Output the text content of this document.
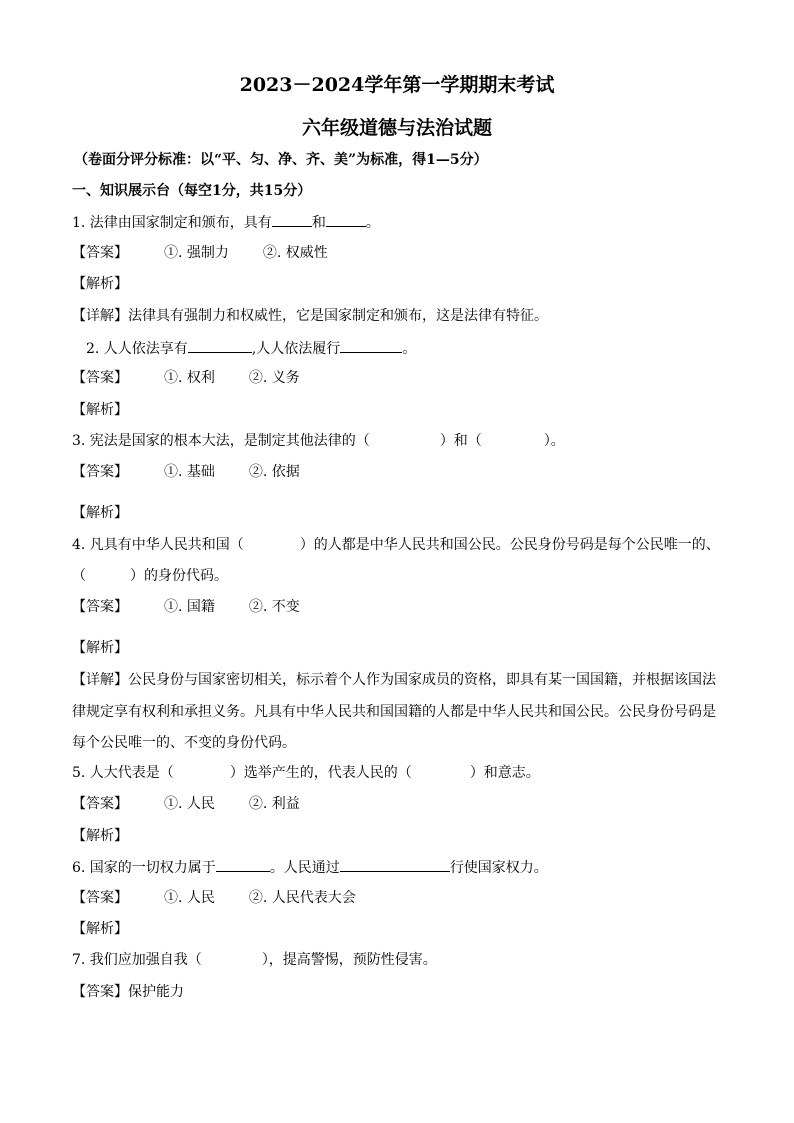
2023－2024学年第一学期期末考试
六年级道德与法治试题
（卷面分评分标准：以“平、匀、净、齐、美”为标准，得1—5分）
一、知识展示台（每空1分，共15分）
1. 法律由国家制定和颁布，具有	和	。
【答案】	①. 强制力 ②. 权威性
【解析】
【详解】法律具有强制力和权威性，它是国家制定和颁布，这是法律有特征。
2. 人人依法享有	,人人依法履行	。
【答案】	①. 权利 ②. 义务
【解析】
3. 宪法是国家的根本大法，是制定其他法律的（	）和（	）。
【答案】	①. 基础 ②. 依据
【解析】
4. 凡具有中华人民共和国（	）的人都是中华人民共和国公民。公民身份号码是每个公民唯一的、
（	）的身份代码。
【答案】	①. 国籍 ②. 不变
【解析】
【详解】公民身份与国家密切相关，标示着个人作为国家成员的资格，即具有某一国国籍，并根据该国法
律规定享有权利和承担义务。凡具有中华人民共和国国籍的人都是中华人民共和国公民。公民身份号码是
每个公民唯一的、不变的身份代码。
5. 人大代表是（	）选举产生的，代表人民的（	）和意志。
【答案】	①. 人民 ②. 利益
【解析】
6. 国家的一切权力属于	。人民通过	行使国家权力。
【答案】	①. 人民 ②. 人民代表大会
【解析】
7. 我们应加强自我（	），提高警惕，预防性侵害。
【答案】保护能力
